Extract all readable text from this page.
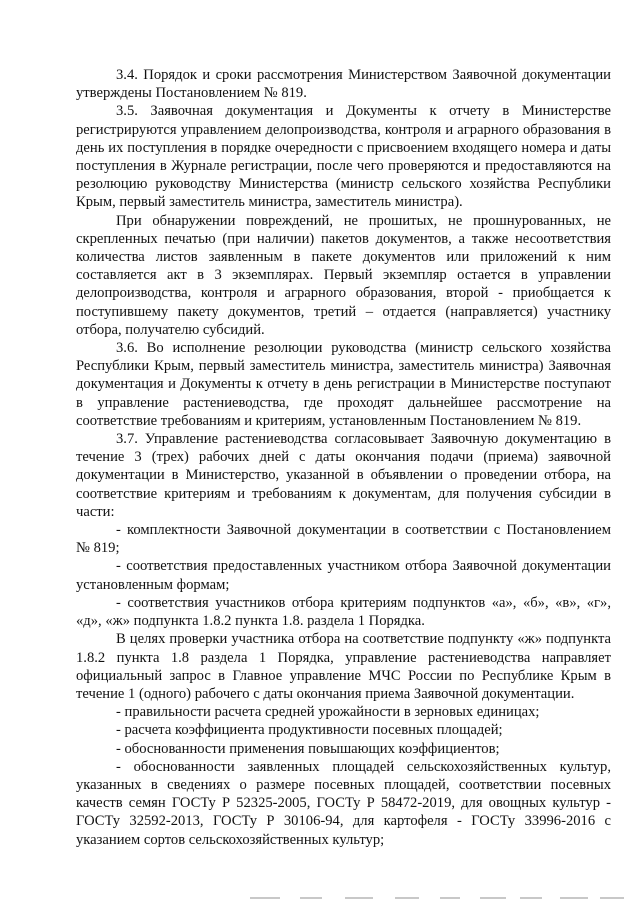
3.4. Порядок и сроки рассмотрения Министерством Заявочной документации утверждены Постановлением № 819.

3.5. Заявочная документация и Документы к отчету в Министерстве регистрируются управлением делопроизводства, контроля и аграрного образования в день их поступления в порядке очередности с присвоением входящего номера и даты поступления в Журнале регистрации, после чего проверяются и предоставляются на резолюцию руководству Министерства (министр сельского хозяйства Республики Крым, первый заместитель министра, заместитель министра).

При обнаружении повреждений, не прошитых, не прошнурованных, не скрепленных печатью (при наличии) пакетов документов, а также несоответствия количества листов заявленным в пакете документов или приложений к ним составляется акт в 3 экземплярах. Первый экземпляр остается в управлении делопроизводства, контроля и аграрного образования, второй - приобщается к поступившему пакету документов, третий – отдается (направляется) участнику отбора, получателю субсидий.

3.6. Во исполнение резолюции руководства (министр сельского хозяйства Республики Крым, первый заместитель министра, заместитель министра) Заявочная документация и Документы к отчету в день регистрации в Министерстве поступают в управление растениеводства, где проходят дальнейшее рассмотрение на соответствие требованиям и критериям, установленным Постановлением № 819.

3.7. Управление растениеводства согласовывает Заявочную документацию в течение 3 (трех) рабочих дней с даты окончания подачи (приема) заявочной документации в Министерство, указанной в объявлении о проведении отбора, на соответствие критериям и требованиям к документам, для получения субсидии в части:

- комплектности Заявочной документации в соответствии с Постановлением № 819;

- соответствия предоставленных участником отбора Заявочной документации установленным формам;

- соответствия участников отбора критериям подпунктов «а», «б», «в», «г», «д», «ж» подпункта 1.8.2 пункта 1.8. раздела 1 Порядка.

В целях проверки участника отбора на соответствие подпункту «ж» подпункта 1.8.2 пункта 1.8 раздела 1 Порядка, управление растениеводства направляет официальный запрос в Главное управление МЧС России по Республике Крым в течение 1 (одного) рабочего с даты окончания приема Заявочной документации.

- правильности расчета средней урожайности в зерновых единицах;

- расчета коэффициента продуктивности посевных площадей;

- обоснованности применения повышающих коэффициентов;

- обоснованности заявленных площадей сельскохозяйственных культур, указанных в сведениях о размере посевных площадей, соответствии посевных качеств семян ГОСТу Р 52325-2005, ГОСТу Р 58472-2019, для овощных культур - ГОСТу 32592-2013, ГОСТу Р 30106-94, для картофеля - ГОСТу 33996-2016 с указанием сортов сельскохозяйственных культур;
